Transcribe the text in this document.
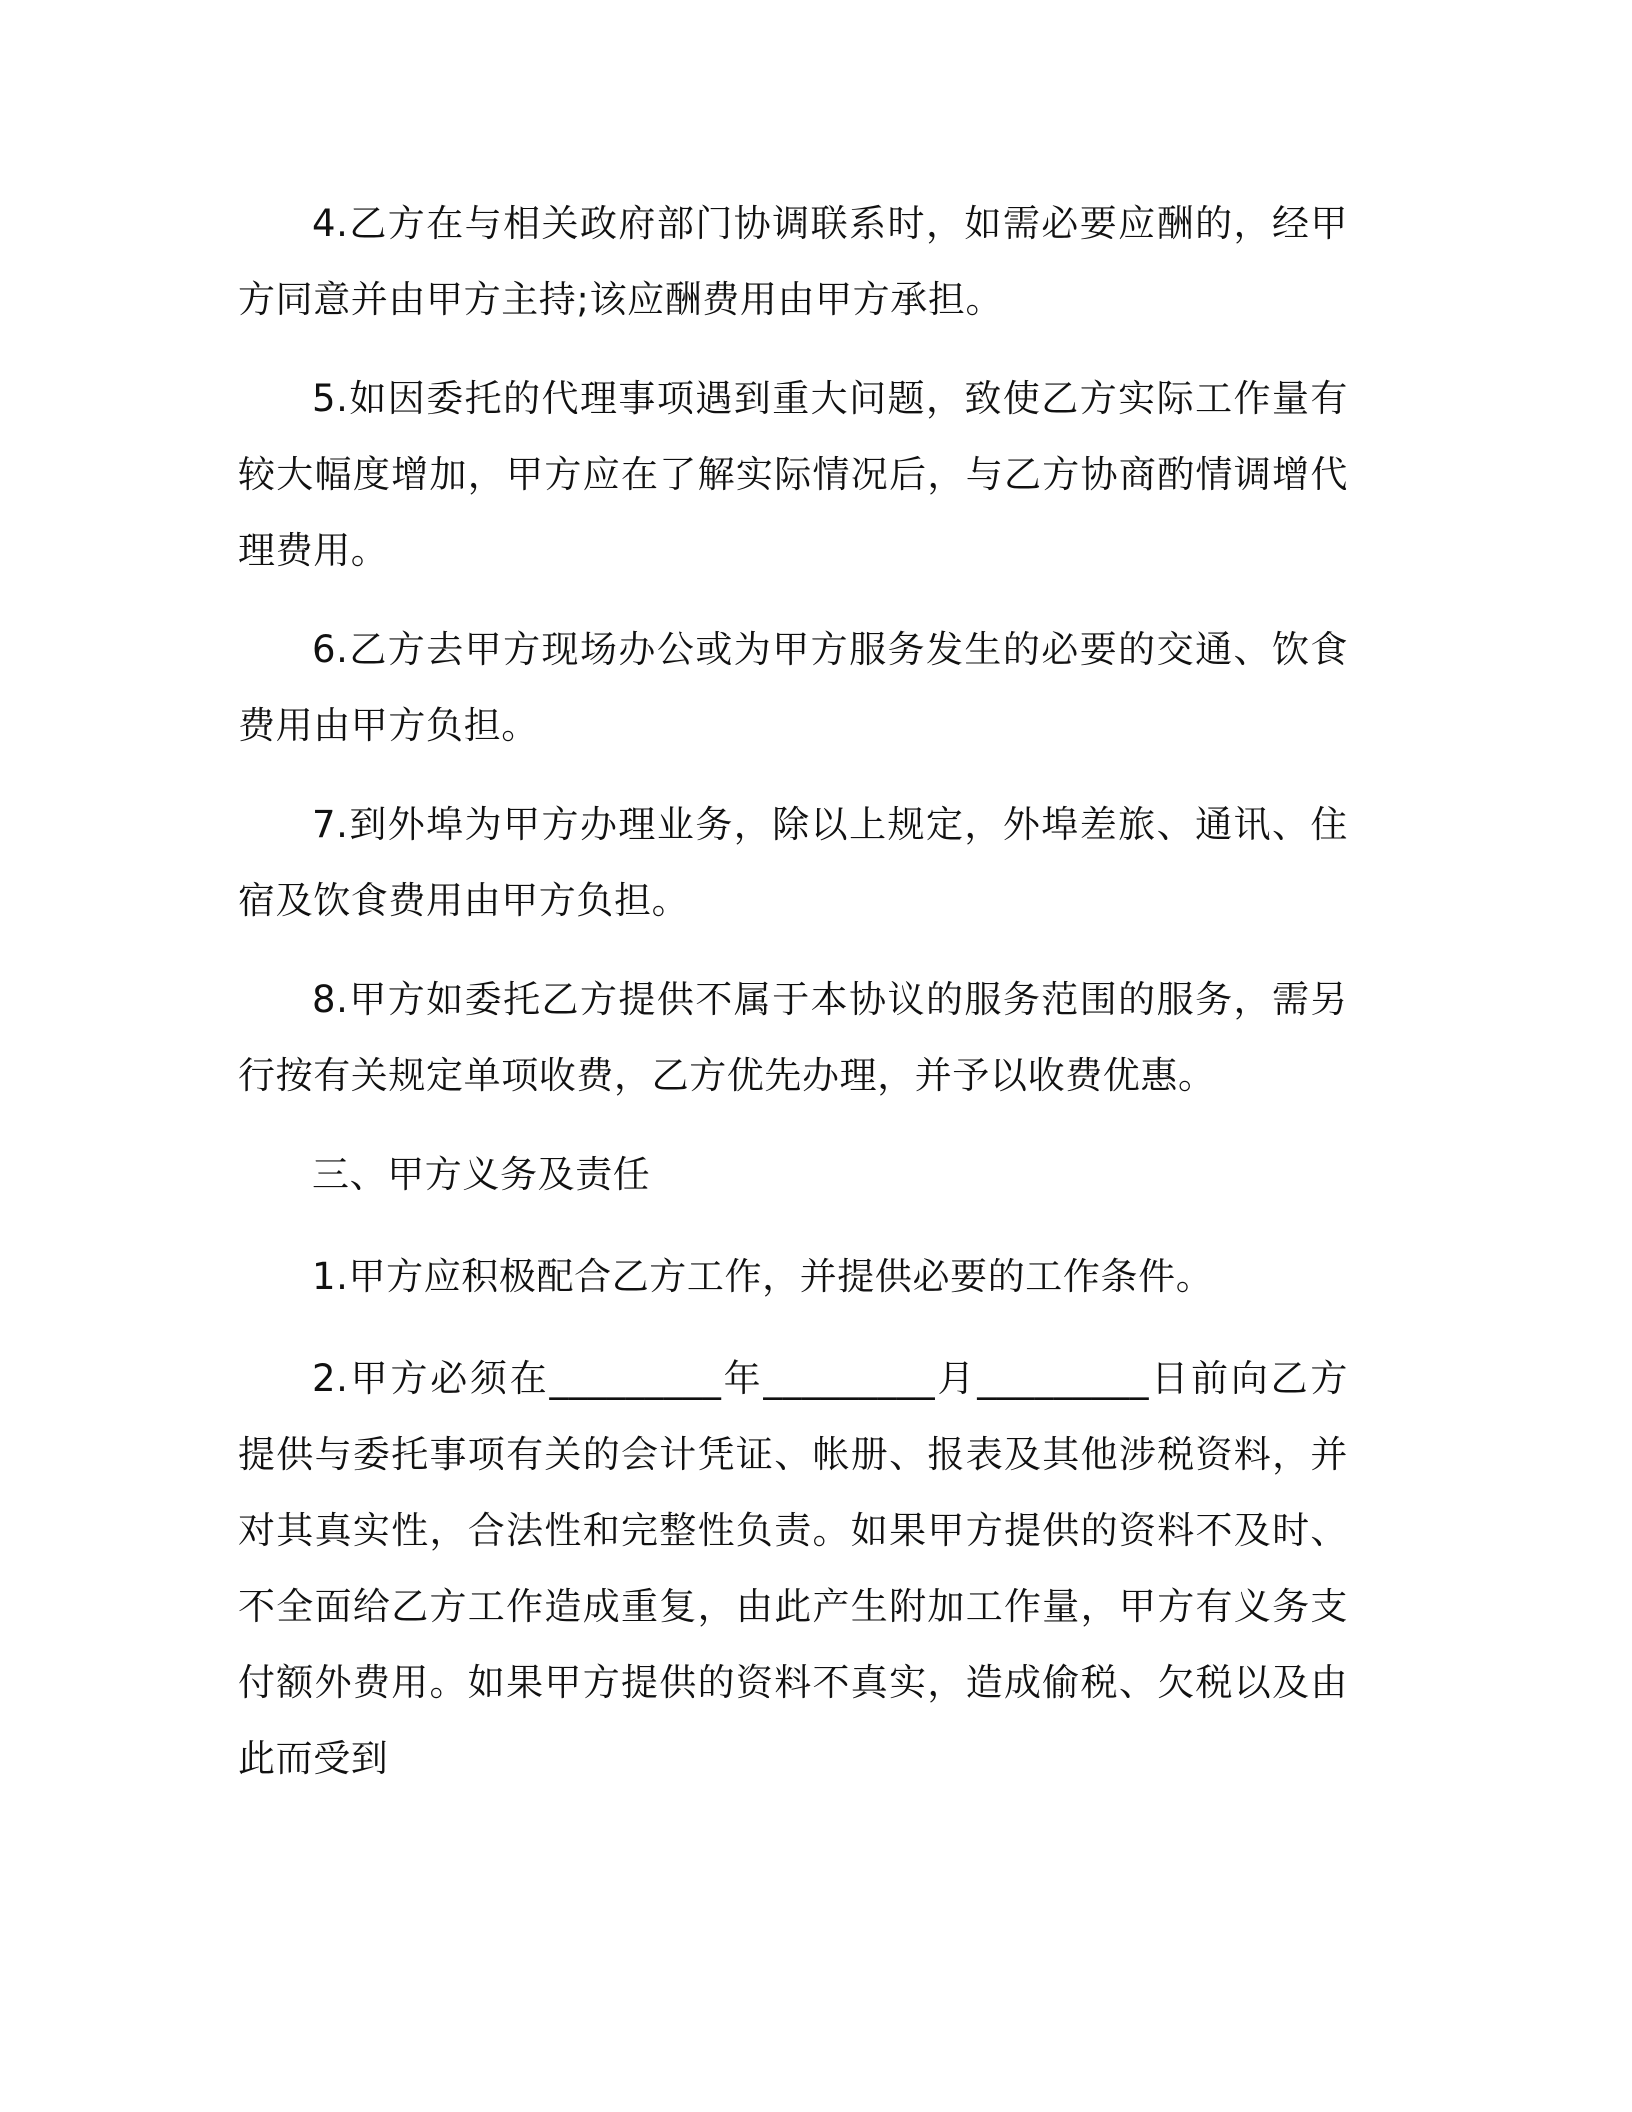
4.乙方在与相关政府部门协调联系时，如需必要应酬的，经甲方同意并由甲方主持;该应酬费用由甲方承担。

5.如因委托的代理事项遇到重大问题，致使乙方实际工作量有较大幅度增加，甲方应在了解实际情况后，与乙方协商酌情调增代理费用。

6.乙方去甲方现场办公或为甲方服务发生的必要的交通、饮食费用由甲方负担。

7.到外埠为甲方办理业务，除以上规定，外埠差旅、通讯、住宿及饮食费用由甲方负担。

8.甲方如委托乙方提供不属于本协议的服务范围的服务，需另行按有关规定单项收费，乙方优先办理，并予以收费优惠。

三、甲方义务及责任

1.甲方应积极配合乙方工作，并提供必要的工作条件。

2.甲方必须在_________年_________月_________日前向乙方提供与委托事项有关的会计凭证、帐册、报表及其他涉税资料，并对其真实性，合法性和完整性负责。如果甲方提供的资料不及时、不全面给乙方工作造成重复，由此产生附加工作量，甲方有义务支付额外费用。如果甲方提供的资料不真实，造成偷税、欠税以及由此而受到
